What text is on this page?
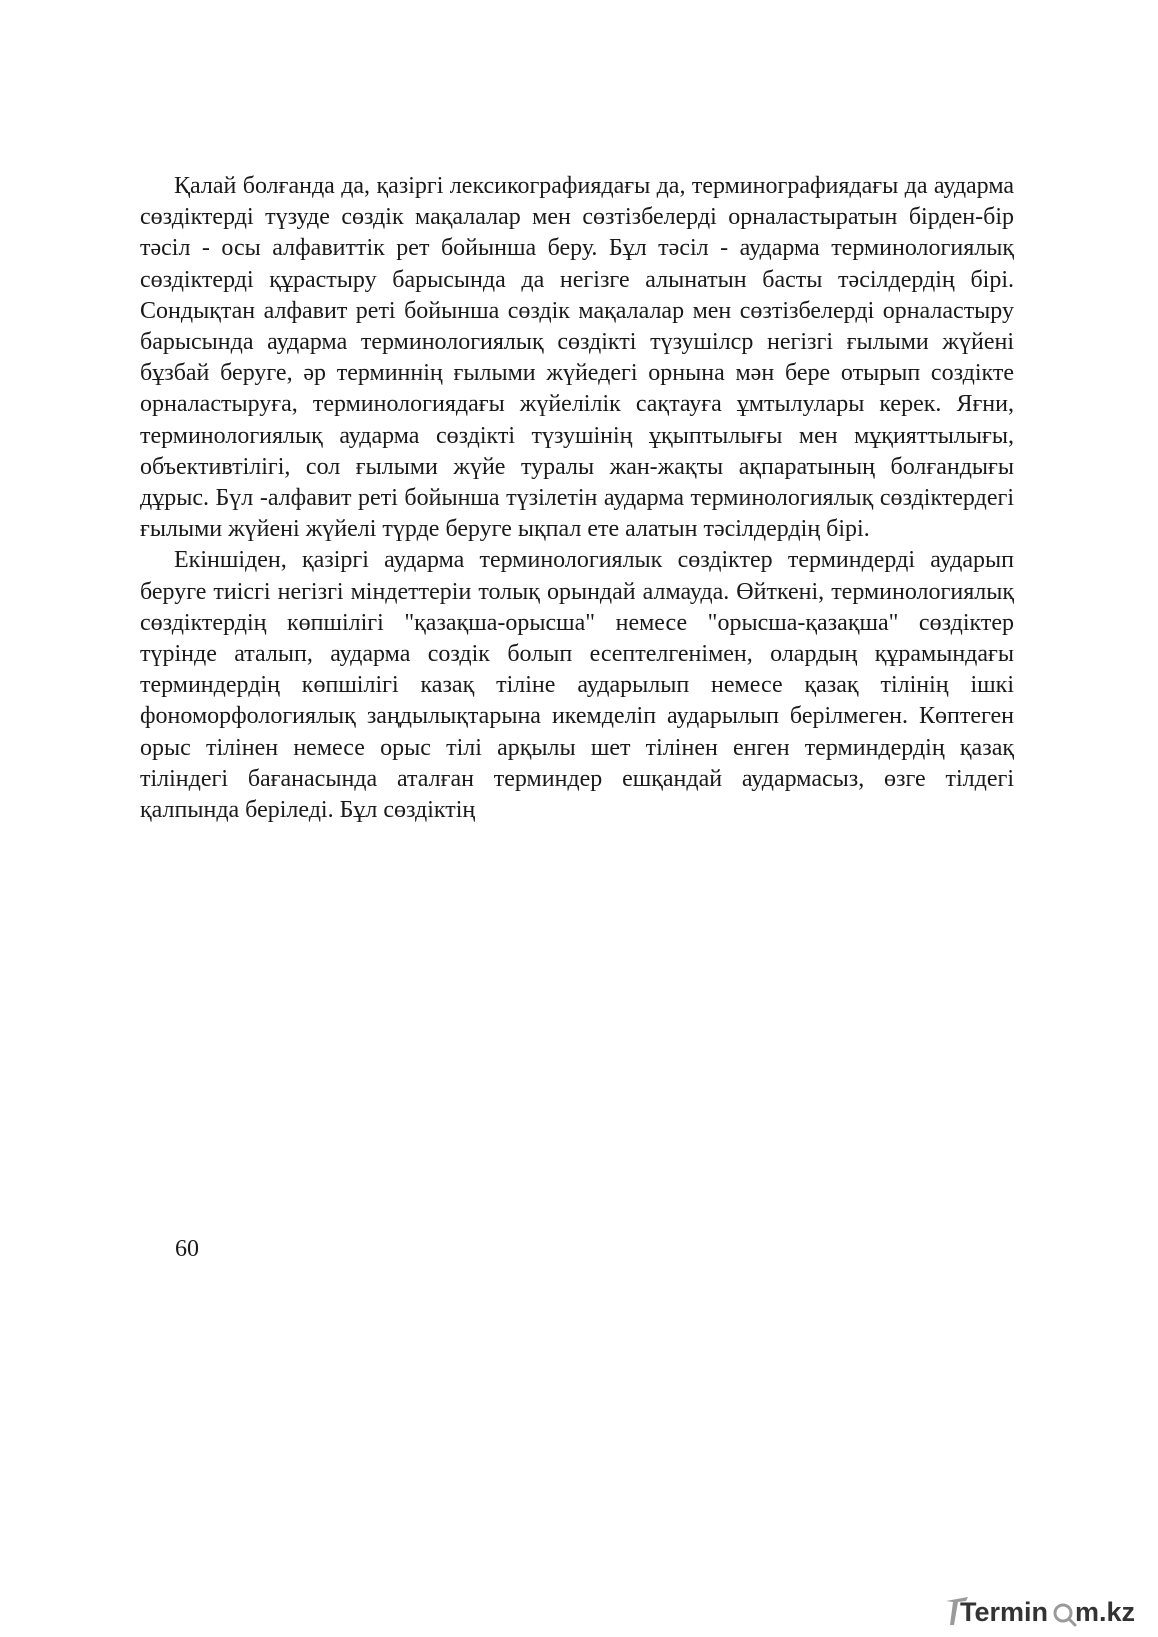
Қалай болғанда да, қазіргі лексикографиядағы да, терминографиядағы да аударма сөздіктерді түзуде сөздік мақалалар мен сөзтізбелерді орналастыратын бірден-бір тәсіл - осы алфавиттік рет бойынша беру. Бұл тәсіл - аударма терминологиялық сөздіктерді құрастыру барысында да негізге алынатын басты тәсілдердің бірі. Сондықтан алфавит реті бойынша сөздік мақалалар мен сөзтізбелерді орналастыру барысында аударма терминологиялық сөздікті түзушілср негізгі ғылыми жүйені бұзбай беруге, әр терминнің ғылыми жүйедегі орнына мән бере отырып создікте орналастыруға, терминологиядағы жүйелілік сақтауға ұмтылулары керек. Яғни, терминологиялық аударма сөздікті түзушінің ұқыптылығы мен мұқияттылығы, объективтілігі, сол ғылыми жүйе туралы жан-жақты ақпаратының болғандығы дұрыс. Бүл -алфавит реті бойынша түзілетін аударма терминологиялық сөздіктердегі ғылыми жүйені жүйелі түрде беруге ықпал ете алатын тәсілдердің бірі.

Екіншіден, қазіргі аударма терминологиялык сөздіктер терминдерді аударып беруге тиісгі негізгі міндеттеріи толық орындай алмауда. Өйткені, терминологиялық сөздіктердің көпшілігі "қазақша-орысша" немесе "орысша-қазақша" сөздіктер түрінде аталып, аударма создік болып есептелгенімен, олардың құрамындағы терминдердің көпшілігі казақ тіліне аударылып немесе қазақ тілінің ішкі фономорфологиялық заңдылықтарына икемделіп аударылып берілмеген. Көптеген орыс тілінен немесе орыс тілі арқылы шет тілінен енген терминдердің қазақ тіліндегі бағанасында аталған терминдер ешқандай аудармасыз, өзге тілдегі қалпында беріледі. Бұл сөздіктің

60
Termin m.kz
